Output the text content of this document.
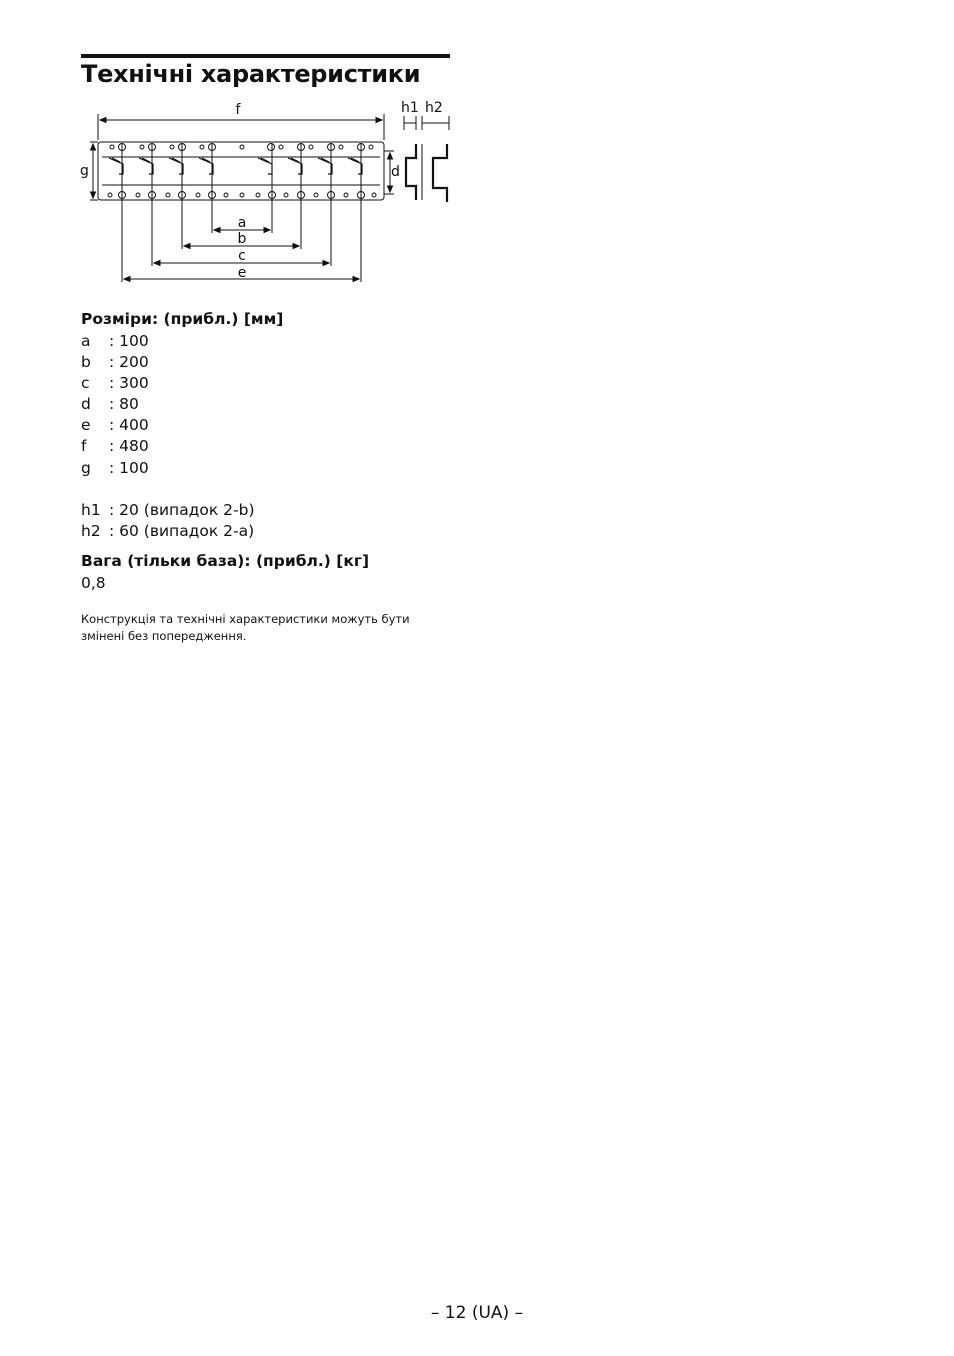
Технічні характеристики
f
g	d
h1 h2
a
b
c
e
Розміри: (прибл.) [мм]
a	: 100
b	: 200
c	: 300
d	: 80
e	: 400
f	: 480
g	: 100
h1 : 20 (випадок 2-b)
h2 : 60 (випадок 2-a)
Вага (тільки база): (прибл.) [кг]
0,8
Конструкція та технічні характеристики можуть бути змінені без попередження.
– 12 (UA) –
